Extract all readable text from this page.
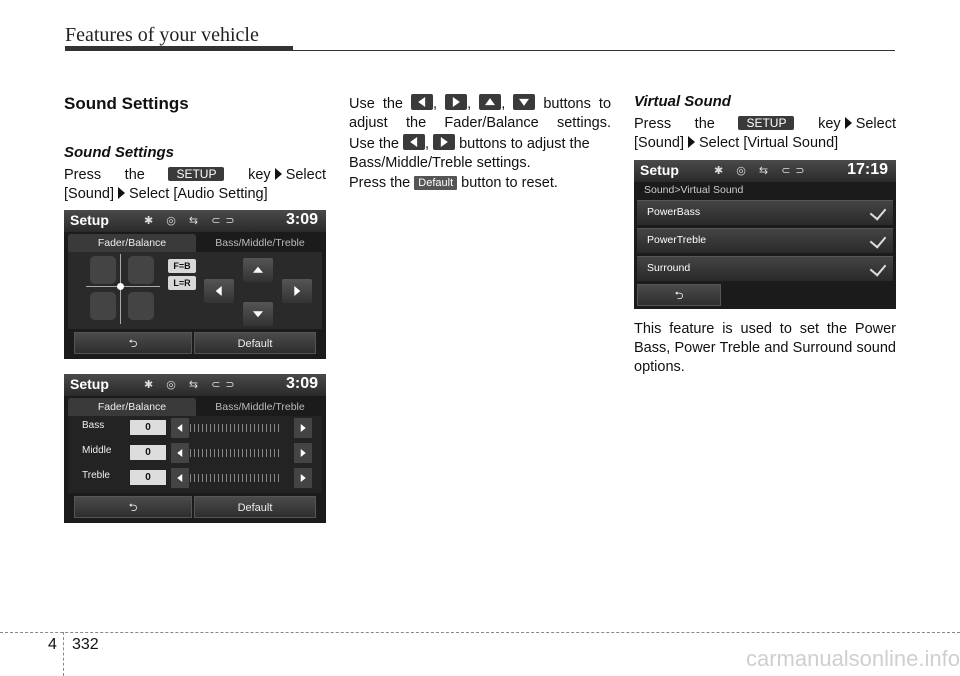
Features of your vehicle
Sound Settings
Sound Settings
Press the	SETUP key Select
[Sound] Select [Audio Setting]
Setup	✱ ◎ ⇆ ⊂⊃	3:09
Fader/Balance	Bass/Middle/Treble
F=B
L=R
⮌	Default
Setup	✱ ◎ ⇆ ⊂⊃	3:09
Fader/Balance	Bass/Middle/Treble
Bass	0
Middle	0
Treble	0
⮌	Default
Use the , , ,  buttons to adjust the Fader/Balance settings.
Use the ,  buttons to adjust the Bass/Middle/Treble settings.
Press the Default button to reset.
Virtual Sound
Press the	SETUP key Select
[Sound] Select [Virtual Sound]
Setup	✱ ◎ ⇆ ⊂⊃ 17:19
Sound>Virtual Sound
PowerBass
PowerTreble
Surround
⮌
This feature is used to set the Power Bass, Power Treble and Surround sound options.
4 332
carmanualsonline.info
